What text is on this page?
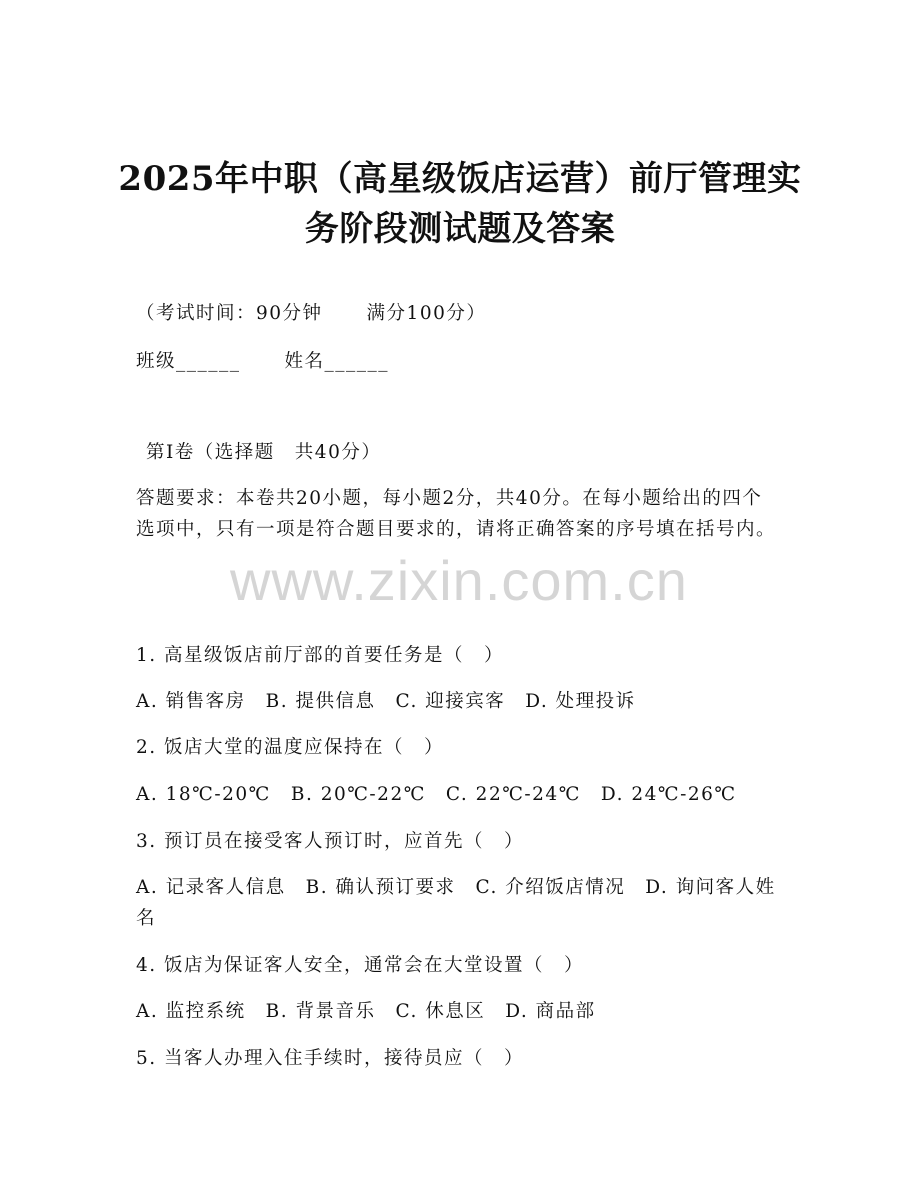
2025年中职（高星级饭店运营）前厅管理实
务阶段测试题及答案
（考试时间：90分钟 满分100分）
班级______ 姓名______
第Ⅰ卷（选择题　共40分）
答题要求：本卷共20小题，每小题2分，共40分。在每小题给出的四个选项中，只有一项是符合题目要求的，请将正确答案的序号填在括号内。
www.zixin.com.cn
1. 高星级饭店前厅部的首要任务是（　）
A. 销售客房　B. 提供信息　C. 迎接宾客　D. 处理投诉
2. 饭店大堂的温度应保持在（　）
A. 18℃-20℃　B. 20℃-22℃　C. 22℃-24℃　D. 24℃-26℃
3. 预订员在接受客人预订时，应首先（　）
A. 记录客人信息　B. 确认预订要求　C. 介绍饭店情况　D. 询问客人姓名
4. 饭店为保证客人安全，通常会在大堂设置（　）
A. 监控系统　B. 背景音乐　C. 休息区　D. 商品部
5. 当客人办理入住手续时，接待员应（　）
